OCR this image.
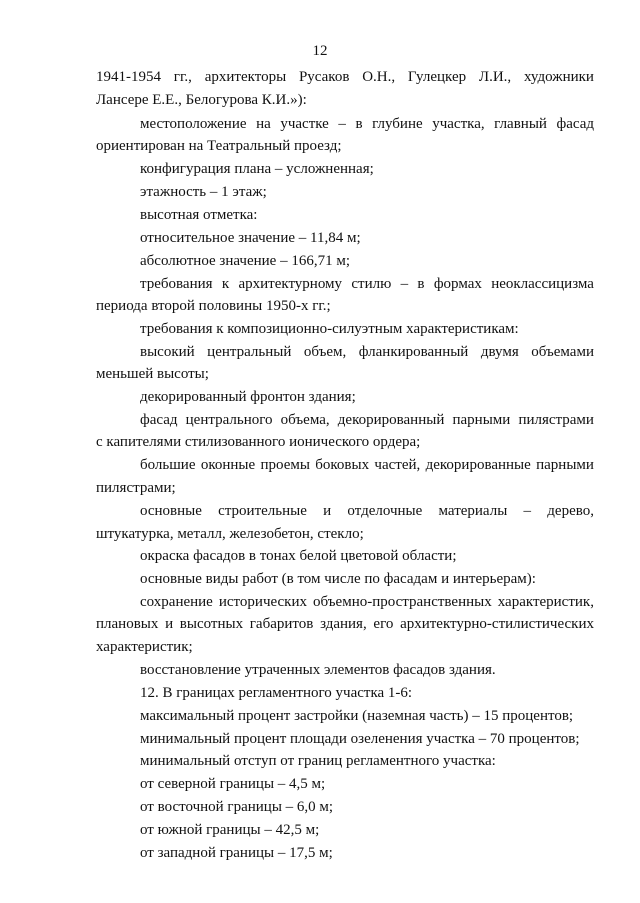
12
1941-1954 гг., архитекторы Русаков О.Н., Гулецкер Л.И., художники
Лансере Е.Е., Белогурова К.И.»):
местоположение на участке – в глубине участка, главный фасад
ориентирован на Театральный проезд;
конфигурация плана – усложненная;
этажность – 1 этаж;
высотная отметка:
относительное значение – 11,84 м;
абсолютное значение – 166,71 м;
требования к архитектурному стилю – в формах неоклассицизма
периода второй половины 1950-х гг.;
требования к композиционно-силуэтным характеристикам:
высокий центральный объем, фланкированный двумя объемами
меньшей высоты;
декорированный фронтон здания;
фасад центрального объема, декорированный парными пилястрами
с капителями стилизованного ионического ордера;
большие оконные проемы боковых частей, декорированные парными
пилястрами;
основные строительные и отделочные материалы – дерево,
штукатурка, металл, железобетон, стекло;
окраска фасадов в тонах белой цветовой области;
основные виды работ (в том числе по фасадам и интерьерам):
сохранение исторических объемно-пространственных характеристик,
плановых и высотных габаритов здания, его архитектурно-стилистических
характеристик;
восстановление утраченных элементов фасадов здания.
12. В границах регламентного участка 1-6:
максимальный процент застройки (наземная часть) – 15 процентов;
минимальный процент площади озеленения участка – 70 процентов;
минимальный отступ от границ регламентного участка:
от северной границы – 4,5 м;
от восточной границы – 6,0 м;
от южной границы – 42,5 м;
от западной границы – 17,5 м;
